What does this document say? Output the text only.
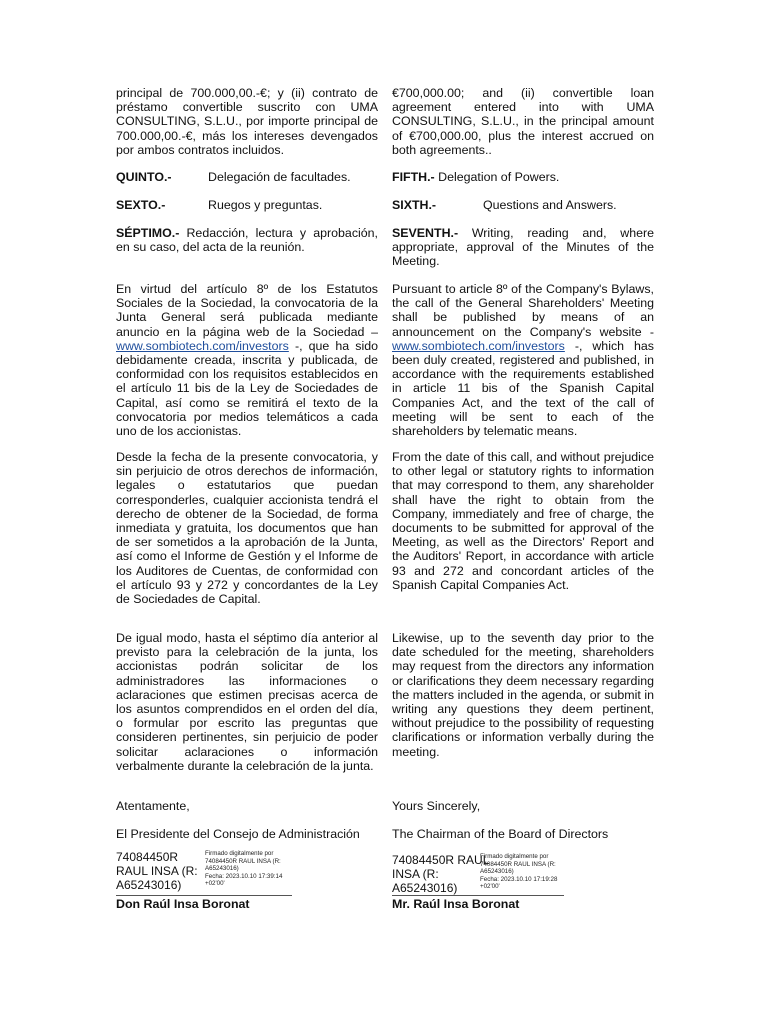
principal de 700.000,00.-€; y (ii) contrato de préstamo convertible suscrito con UMA CONSULTING, S.L.U., por importe principal de 700.000,00.-€, más los intereses devengados por ambos contratos incluidos.

QUINTO.-	Delegación de facultades.
SEXTO.-	Ruegos y preguntas.

SÉPTIMO.- Redacción, lectura y aprobación, en su caso, del acta de la reunión.

En virtud del artículo 8º de los Estatutos Sociales de la Sociedad, la convocatoria de la Junta General será publicada mediante anuncio en la página web de la Sociedad – www.sombiotech.com/investors -, que ha sido debidamente creada, inscrita y publicada, de conformidad con los requisitos establecidos en el artículo 11 bis de la Ley de Sociedades de Capital, así como se remitirá el texto de la convocatoria por medios telemáticos a cada uno de los accionistas.

Desde la fecha de la presente convocatoria, y sin perjuicio de otros derechos de información, legales o estatutarios que puedan corresponderles, cualquier accionista tendrá el derecho de obtener de la Sociedad, de forma inmediata y gratuita, los documentos que han de ser sometidos a la aprobación de la Junta, así como el Informe de Gestión y el Informe de los Auditores de Cuentas, de conformidad con el artículo 93 y 272 y concordantes de la Ley de Sociedades de Capital.

De igual modo, hasta el séptimo día anterior al previsto para la celebración de la junta, los accionistas podrán solicitar de los administradores las informaciones o aclaraciones que estimen precisas acerca de los asuntos comprendidos en el orden del día, o formular por escrito las preguntas que consideren pertinentes, sin perjuicio de poder solicitar aclaraciones o información verbalmente durante la celebración de la junta.

Atentamente,
El Presidente del Consejo de Administración
74084450R
RAUL INSA (R:
A65243016)
Firmado digitalmente por
74084450R RAUL INSA (R:
A65243016)
Fecha: 2023.10.10 17:39:14
+02'00'
Don Raúl Insa Boronat

€700,000.00; and (ii) convertible loan agreement entered into with UMA CONSULTING, S.L.U., in the principal amount of €700,000.00, plus the interest accrued on both agreements..

FIFTH.- Delegation of Powers.
SIXTH.-	Questions and Answers.

SEVENTH.- Writing, reading and, where appropriate, approval of the Minutes of the Meeting.

Pursuant to article 8º of the Company's Bylaws, the call of the General Shareholders' Meeting shall be published by means of an announcement on the Company's website - www.sombiotech.com/investors -, which has been duly created, registered and published, in accordance with the requirements established in article 11 bis of the Spanish Capital Companies Act, and the text of the call of meeting will be sent to each of the shareholders by telematic means.

From the date of this call, and without prejudice to other legal or statutory rights to information that may correspond to them, any shareholder shall have the right to obtain from the Company, immediately and free of charge, the documents to be submitted for approval of the Meeting, as well as the Directors' Report and the Auditors' Report, in accordance with article 93 and 272 and concordant articles of the Spanish Capital Companies Act.

Likewise, up to the seventh day prior to the date scheduled for the meeting, shareholders may request from the directors any information or clarifications they deem necessary regarding the matters included in the agenda, or submit in writing any questions they deem pertinent, without prejudice to the possibility of requesting clarifications or information verbally during the meeting.

Yours Sincerely,
The Chairman of the Board of Directors
74084450R RAUL
INSA (R:
A65243016)
Firmado digitalmente por
74084450R RAUL INSA (R:
A65243016)
Fecha: 2023.10.10 17:19:28
+02'00'
Mr. Raúl Insa Boronat
